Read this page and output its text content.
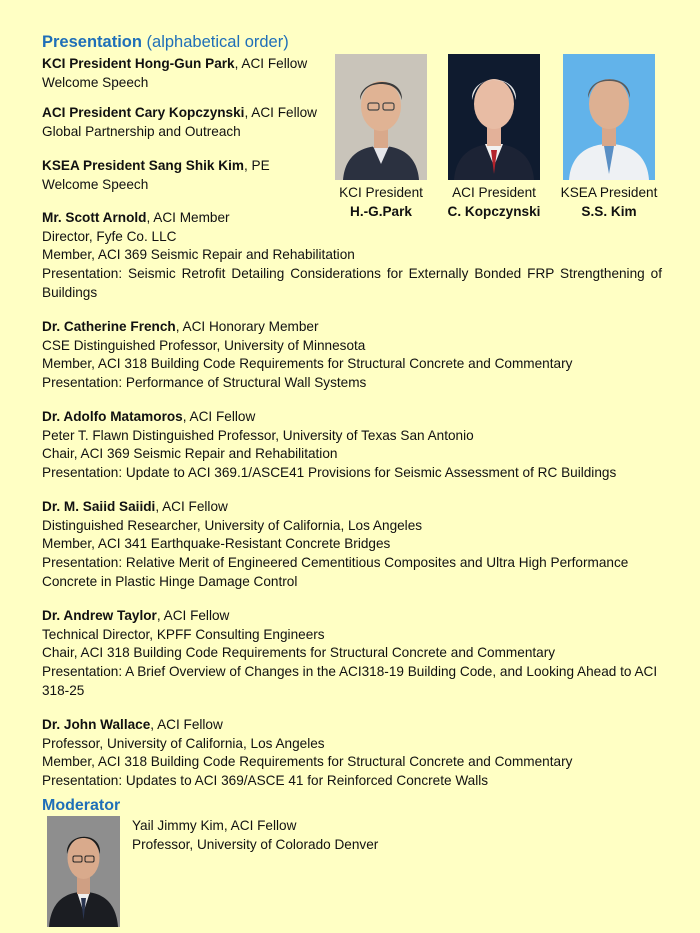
Presentation (alphabetical order)
KCI President Hong-Gun Park, ACI Fellow
Welcome Speech
ACI President Cary Kopczynski, ACI Fellow
Global Partnership and Outreach
KSEA President Sang Shik Kim, PE
Welcome Speech
KCI President
H.-G.Park
ACI President
C. Kopczynski
KSEA President
S.S. Kim
Mr. Scott Arnold, ACI Member
Director, Fyfe Co. LLC
Member, ACI 369 Seismic Repair and Rehabilitation
Presentation: Seismic Retrofit Detailing Considerations for Externally Bonded FRP Strengthening of Buildings
Dr. Catherine French, ACI Honorary Member
CSE Distinguished Professor, University of Minnesota
Member, ACI 318 Building Code Requirements for Structural Concrete and Commentary
Presentation: Performance of Structural Wall Systems
Dr. Adolfo Matamoros, ACI Fellow
Peter T. Flawn Distinguished Professor, University of Texas San Antonio
Chair, ACI 369 Seismic Repair and Rehabilitation
Presentation: Update to ACI 369.1/ASCE41 Provisions for Seismic Assessment of RC Buildings
Dr. M. Saiid Saiidi, ACI Fellow
Distinguished Researcher, University of California, Los Angeles
Member, ACI 341 Earthquake-Resistant Concrete Bridges
Presentation: Relative Merit of Engineered Cementitious Composites and Ultra High Performance Concrete in Plastic Hinge Damage Control
Dr. Andrew Taylor, ACI Fellow
Technical Director, KPFF Consulting Engineers
Chair, ACI 318 Building Code Requirements for Structural Concrete and Commentary
Presentation: A Brief Overview of Changes in the ACI318-19 Building Code, and Looking Ahead to ACI 318-25
Dr. John Wallace, ACI Fellow
Professor, University of California, Los Angeles
Member, ACI 318 Building Code Requirements for Structural Concrete and Commentary
Presentation: Updates to ACI 369/ASCE 41 for Reinforced Concrete Walls
Moderator
Yail Jimmy Kim, ACI Fellow
Professor, University of Colorado Denver
